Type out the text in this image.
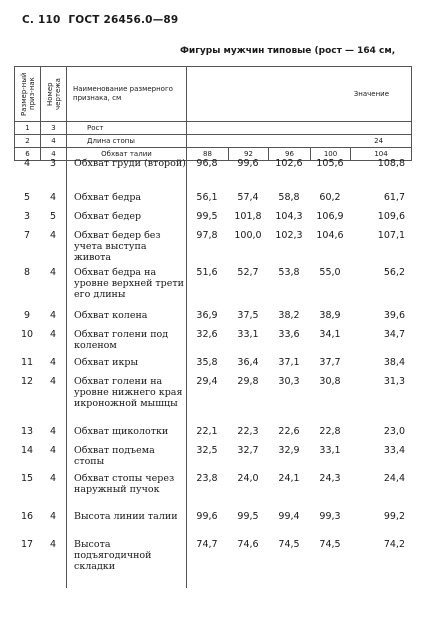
С. 110 ГОСТ 26456.0—89
Фигуры мужчин типовые (рост — 164 см,
Размер-ный приз-нак	Номер чертежа	Наименование размерного признака, см	Значение				
1	3	Рост					
2	4	Длина стопы	24				
6	4	Обхват талии	88	92	96	100	104
4	3	Обхват груди (второй)	96,8	99,6	102,6	105,6	108,8
5	4	Обхват бедра	56,1	57,4	58,8	60,2	61,7
3	5	Обхват бедер	99,5	101,8	104,3	106,9	109,6
7	4	Обхват бедер без учета выступа живота	97,8	100,0	102,3	104,6	107,1
8	4	Обхват бедра на уровне верхней трети его длины	51,6	52,7	53,8	55,0	56,2
9	4	Обхват колена	36,9	37,5	38,2	38,9	39,6
10	4	Обхват голени под коленом	32,6	33,1	33,6	34,1	34,7
11	4	Обхват икры	35,8	36,4	37,1	37,7	38,4
12	4	Обхват голени на уровне нижнего края икроножной мышцы	29,4	29,8	30,3	30,8	31,3
13	4	Обхват щиколотки	22,1	22,3	22,6	22,8	23,0
14	4	Обхват подъема стопы	32,5	32,7	32,9	33,1	33,4
15	4	Обхват стопы через наружный пучок	23,8	24,0	24,1	24,3	24,4
16	4	Высота линии талии	99,6	99,5	99,4	99,3	99,2
17	4	Высота подъягодичной складки	74,7	74,6	74,5	74,5	74,2
